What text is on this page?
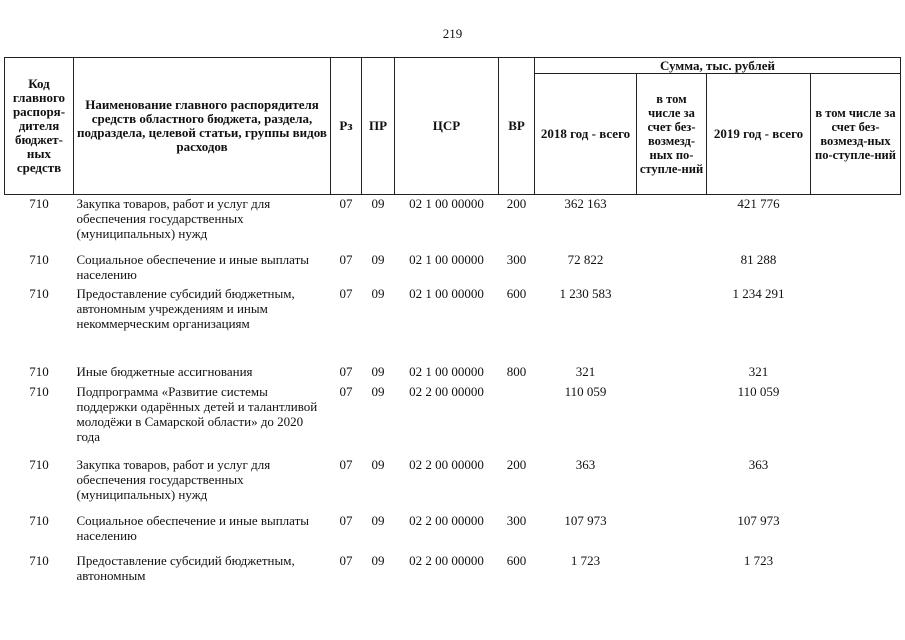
219
Код главного распоря-дителя бюджет-ных средств	Наименование главного распорядителя средств областного бюджета, раздела, подраздела, целевой статьи, группы видов расходов	Рз	ПР	ЦСР	ВР	Сумма, тыс. рублей			
						2018 год - всего	в том числе за счет без-возмезд-ных по-ступле-ний	2019 год - всего	в том числе за счет без-возмезд-ных по-ступле-ний
710	Закупка товаров, работ и услуг для обеспечения государственных (муниципальных) нужд	07	09	02 1 00 00000	200	362 163		421 776	
710	Социальное обеспечение и иные выплаты населению	07	09	02 1 00 00000	300	72 822		81 288	
710	Предоставление субсидий бюджетным, автономным учреждениям и иным некоммерческим организациям	07	09	02 1 00 00000	600	1 230 583		1 234 291	
710	Иные бюджетные ассигнования	07	09	02 1 00 00000	800	321		321	
710	Подпрограмма «Развитие системы поддержки одарённых детей и талантливой молодёжи в Самарской области» до 2020 года	07	09	02 2 00 00000		110 059		110 059	
710	Закупка товаров, работ и услуг для обеспечения государственных (муниципальных) нужд	07	09	02 2 00 00000	200	363		363	
710	Социальное обеспечение и иные выплаты населению	07	09	02 2 00 00000	300	107 973		107 973	
710	Предоставление субсидий бюджетным, автономным	07	09	02 2 00 00000	600	1 723		1 723	
